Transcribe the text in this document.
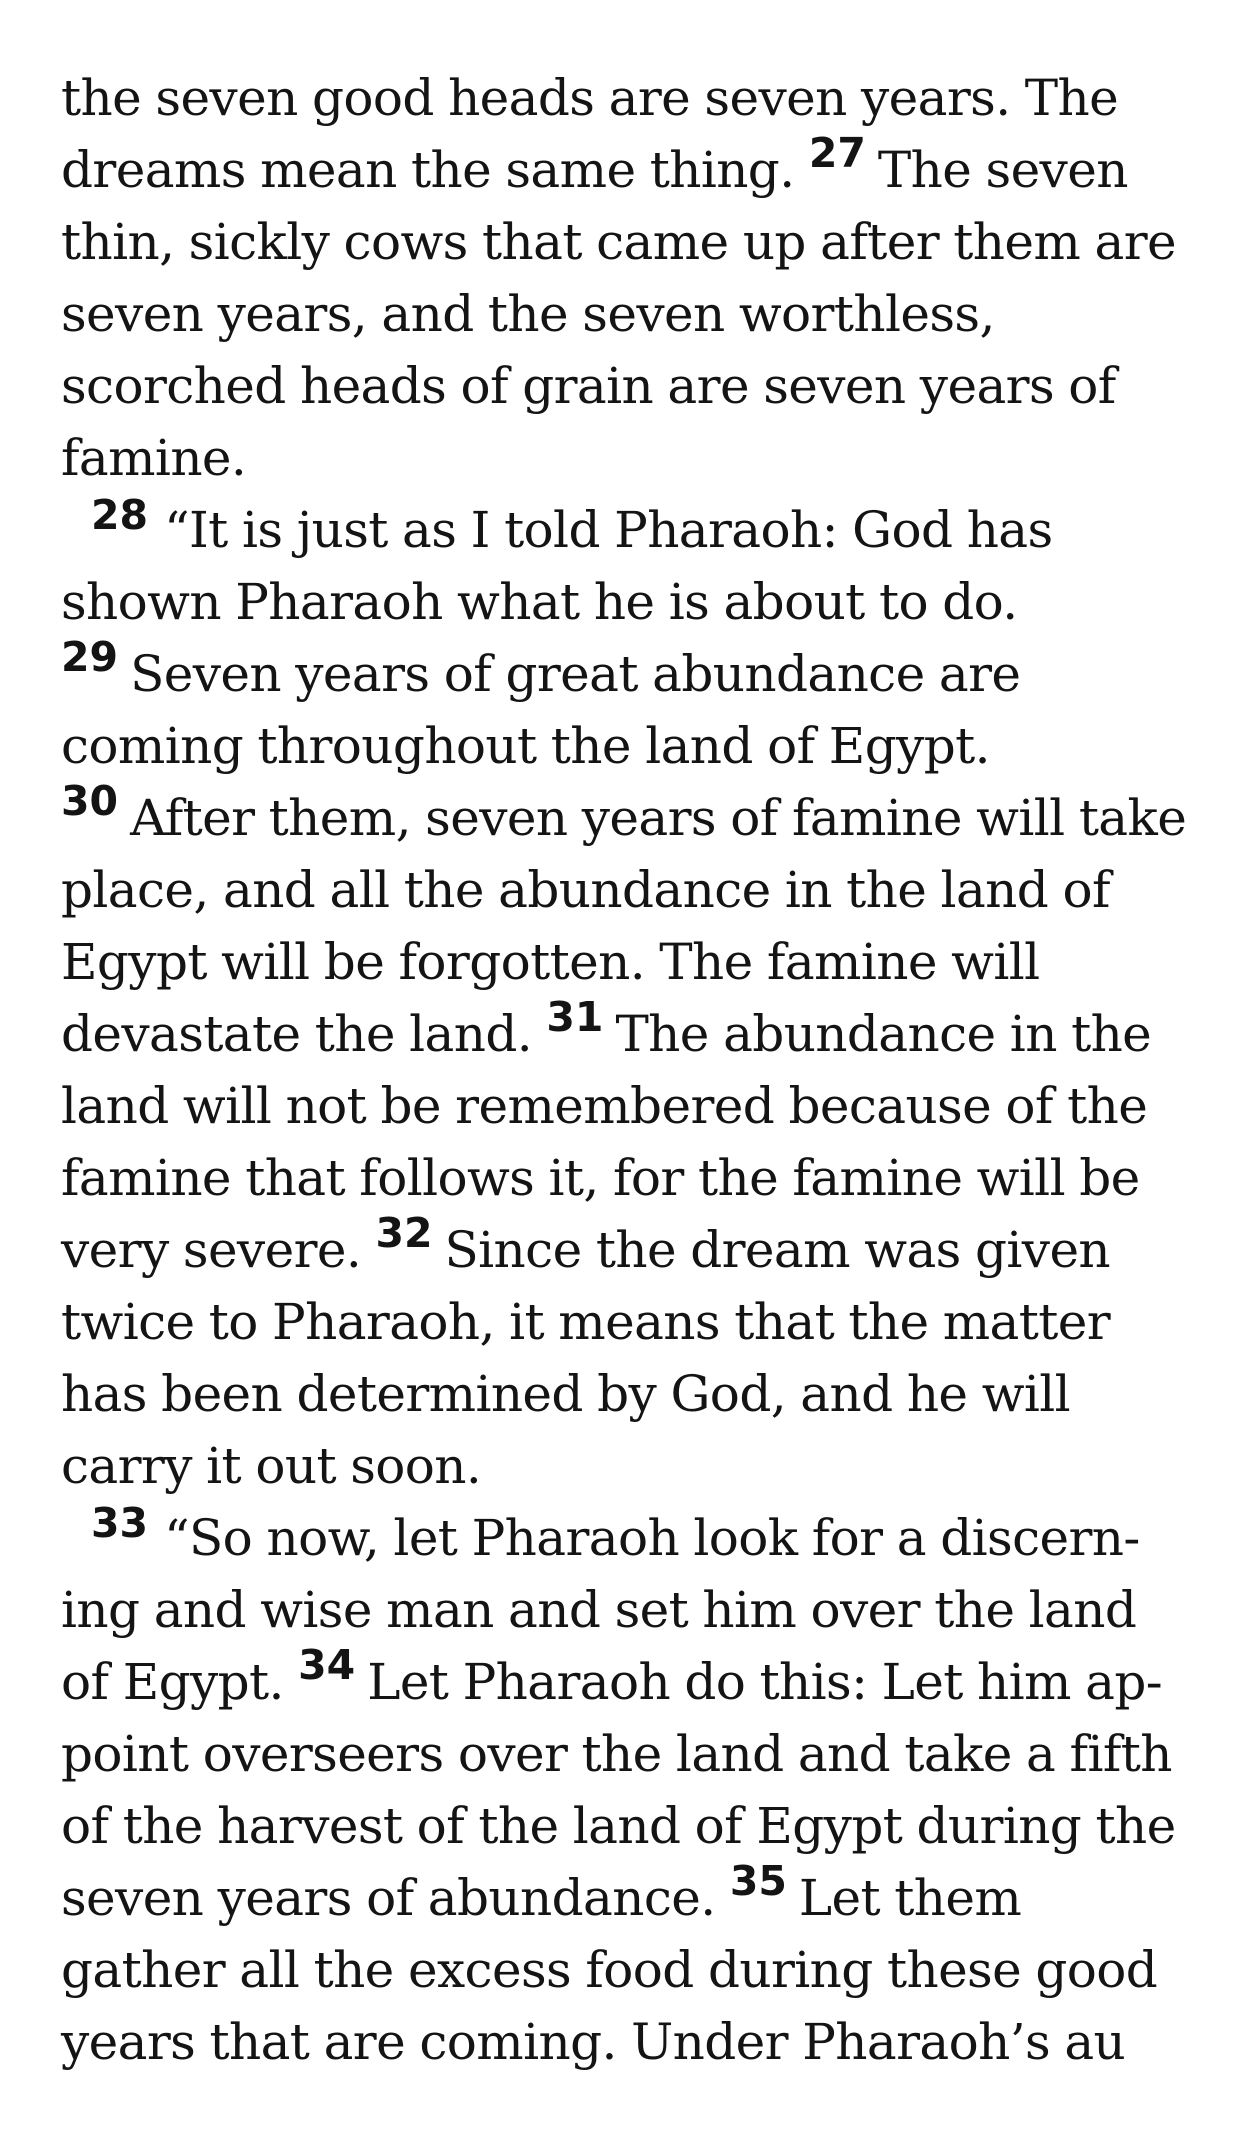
the seven good heads are seven years. The dreams mean the same thing. $^{27}$ The seven thin, sickly cows that came up after them are seven years, and the seven worthless, scorched heads of grain are seven years of famine.

$^{28}$ “It is just as I told Pharaoh: God has shown Pharaoh what he is about to do. $^{29}$ Seven years of great abundance are coming throughout the land of Egypt. $^{30}$ After them, seven years of famine will take place, and all the abundance in the land of Egypt will be forgotten. The famine will devastate the land. $^{31}$ The abundance in the land will not be remembered because of the famine that follows it, for the famine will be very severe. $^{32}$ Since the dream was given twice to Pharaoh, it means that the matter has been determined by God, and he will carry it out soon.

$^{33}$ “So now, let Pharaoh look for a discerning and wise man and set him over the land of Egypt. $^{34}$ Let Pharaoh do this: Let him appoint overseers over the land and take a fifth of the harvest of the land of Egypt during the seven years of abundance. $^{35}$ Let them gather all the excess food during these good years that are coming. Under Pharaoh’s au
